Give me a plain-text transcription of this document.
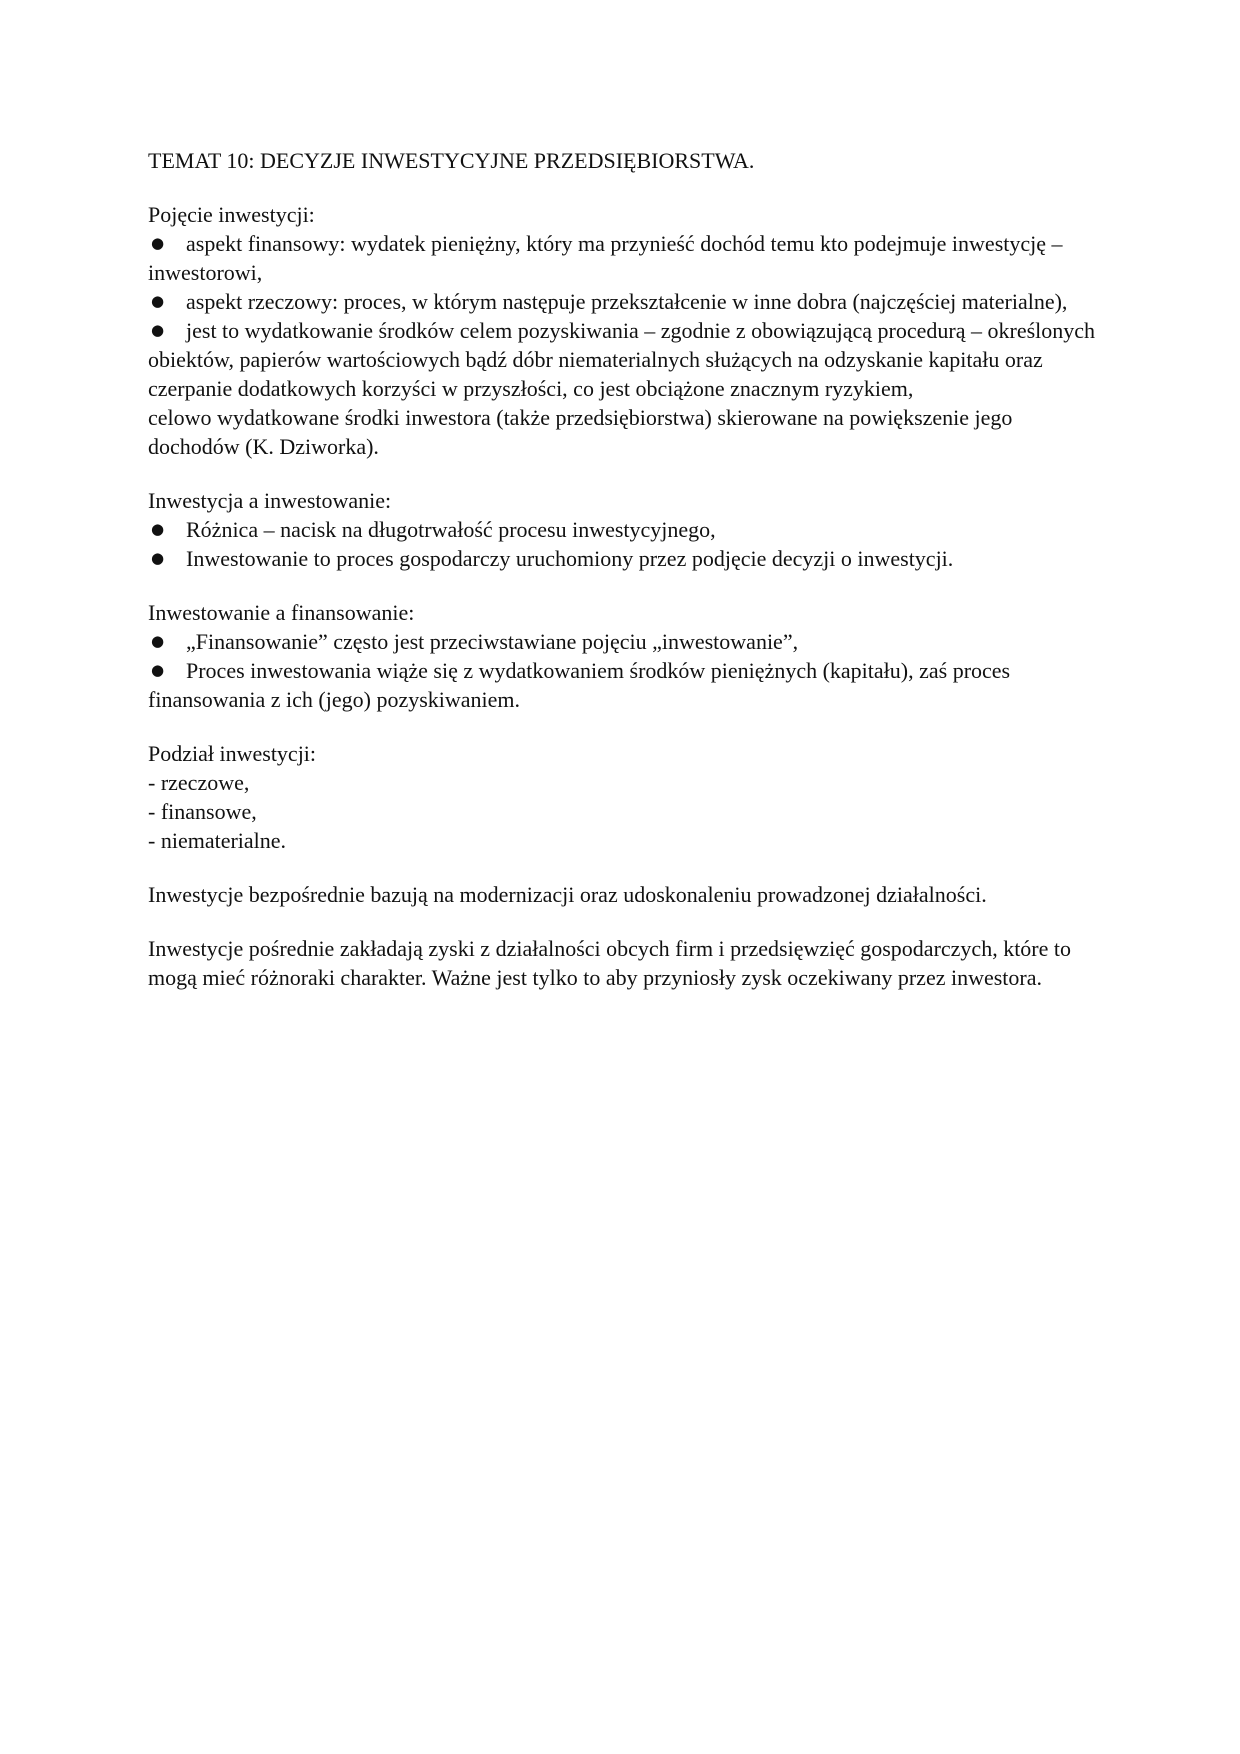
TEMAT 10: DECYZJE INWESTYCYJNE PRZEDSIĘBIORSTWA.

Pojęcie inwestycji:

● aspekt finansowy: wydatek pieniężny, który ma przynieść dochód temu kto podejmuje inwestycję – inwestorowi,

● aspekt rzeczowy: proces, w którym następuje przekształcenie w inne dobra (najczęściej materialne),

● jest to wydatkowanie środków celem pozyskiwania – zgodnie z obowiązującą procedurą – określonych obiektów, papierów wartościowych bądź dóbr niematerialnych służących na odzyskanie kapitału oraz czerpanie dodatkowych korzyści w przyszłości, co jest obciążone znacznym ryzykiem,

celowo wydatkowane środki inwestora (także przedsiębiorstwa) skierowane na powiększenie jego dochodów (K. Dziworka).

Inwestycja a inwestowanie:

● Różnica – nacisk na długotrwałość procesu inwestycyjnego,

● Inwestowanie to proces gospodarczy uruchomiony przez podjęcie decyzji o inwestycji.

Inwestowanie a finansowanie:

● „Finansowanie” często jest przeciwstawiane pojęciu „inwestowanie”,

● Proces inwestowania wiąże się z wydatkowaniem środków pieniężnych (kapitału), zaś proces finansowania z ich (jego) pozyskiwaniem.

Podział inwestycji:

- rzeczowe,

- finansowe,

- niematerialne.

Inwestycje bezpośrednie bazują na modernizacji oraz udoskonaleniu prowadzonej działalności.

Inwestycje pośrednie zakładają zyski z działalności obcych firm i przedsięwzięć gospodarczych, które to mogą mieć różnoraki charakter. Ważne jest tylko to aby przyniosły zysk oczekiwany przez inwestora.
